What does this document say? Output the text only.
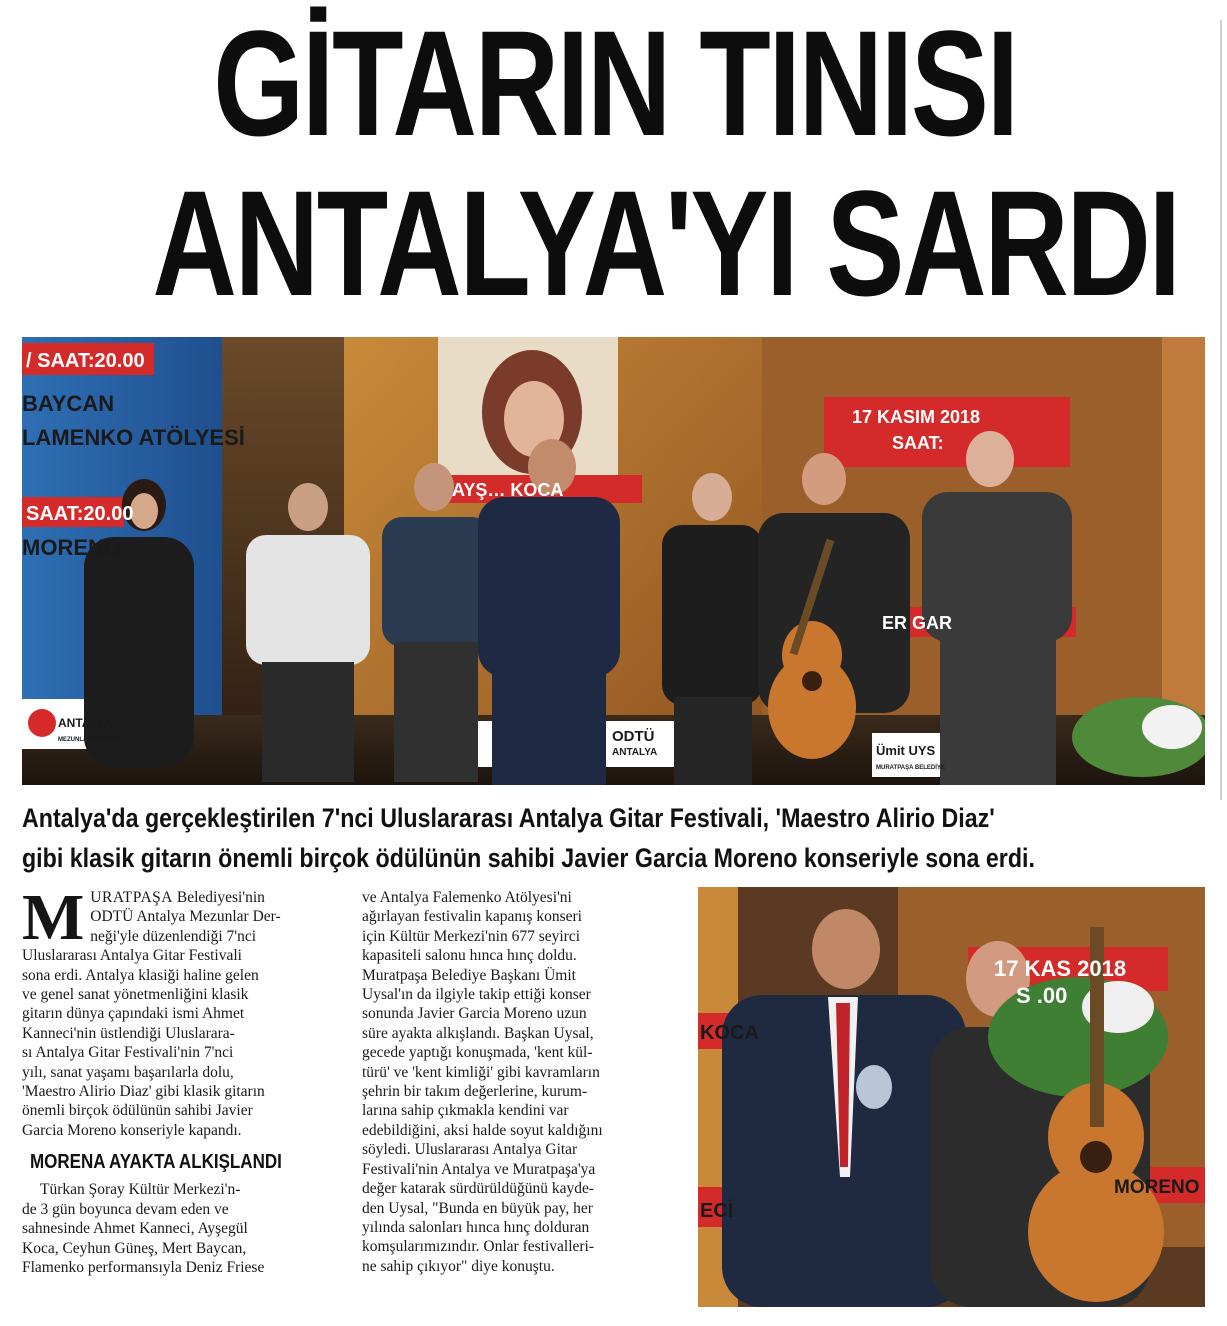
GİTARIN TINISI
ANTALYA'YI SARDI
/ SAAT:20.00
SAAT:20.00
17 KASIM 2018
SAAT:
AYŞ… KOCA
ER GAR
BAYCAN
LAMENKO ATÖLYESİ
MORENO
ODTÜ
ANTALYA	Ümit UYS
MURATPAŞA BELEDİYE
ANTALYA
MEZUNLAR DERNEĞİ

Antalya'da gerçekleştirilen 7'nci Uluslararası Antalya Gitar Festivali, 'Maestro Alirio Diaz'
gibi klasik gitarın önemli birçok ödülünün sahibi Javier Garcia Moreno konseriyle sona erdi.

M URATPAŞA Belediyesi'nin
ODTÜ Antalya Mezunlar Der-
neği'yle düzenlendiği 7'nci
Uluslararası Antalya Gitar Festivali
sona erdi. Antalya klasiği haline gelen
ve genel sanat yönetmenliğini klasik
gitarın dünya çapındaki ismi Ahmet
Kanneci'nin üstlendiği Uluslarara-
sı Antalya Gitar Festivali'nin 7'nci
yılı, sanat yaşamı başarılarla dolu,
'Maestro Alirio Diaz' gibi klasik gitarın
önemli birçok ödülünün sahibi Javier
Garcia Moreno konseriyle kapandı.

MORENA AYAKTA ALKIŞLANDI

Türkan Şoray Kültür Merkezi'n-
de 3 gün boyunca devam eden ve
sahnesinde Ahmet Kanneci, Ayşegül
Koca, Ceyhun Güneş, Mert Baycan,
Flamenko performansıyla Deniz Friese

ve Antalya Falemenko Atölyesi'ni
ağırlayan festivalin kapanış konseri
için Kültür Merkezi'nin 677 seyirci
kapasiteli salonu hınca hınç doldu.
Muratpaşa Belediye Başkanı Ümit
Uysal'ın da ilgiyle takip ettiği konser
sonunda Javier Garcia Moreno uzun
süre ayakta alkışlandı. Başkan Uysal,
gecede yaptığı konuşmada, 'kent kül-
türü' ve 'kent kimliği' gibi kavramların
şehrin bir takım değerlerine, kurum-
larına sahip çıkmakla kendini var
edebildiğini, aksi halde soyut kaldığını
söyledi. Uluslararası Antalya Gitar
Festivali'nin Antalya ve Muratpaşa'ya
değer katarak sürdürüldüğünü kayde-
den Uysal, "Bunda en büyük pay, her
yılında salonları hınca hınç dolduran
komşularımızındır. Onlar festivalleri-
ne sahip çıkıyor" diye konuştu.

17 KAS 2018
S .00
KOCA
ECİ
MORENO
